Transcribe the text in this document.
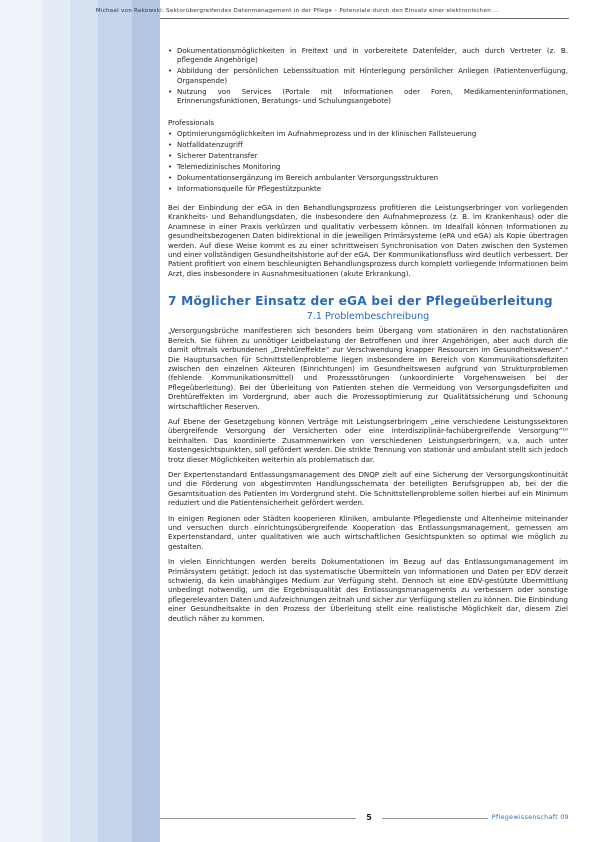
Michael von Rekowski: Sektorübergreifendes Datenmanagement in der Pflege – Potenziale durch den Einsatz einer elektronischen ...
• Dokumentationsmöglichkeiten in Freitext und in vorbereitete Datenfelder, auch durch Vertreter (z. B. pflegende Angehörige)
• Abbildung der persönlichen Lebenssituation mit Hinterlegung persönlicher Anliegen (Patientenverfügung, Organspende)
• Nutzung von Services (Portale mit Informationen oder Foren, Medikamenteninformationen, Erinnerungsfunktionen, Beratungs- und Schulungsangebote)
Professionals
• Optimierungsmöglichkeiten im Aufnahmeprozess und in der klinischen Fallsteuerung
• Notfalldatenzugriff
• Sicherer Datentransfer
• Telemedizinisches Monitoring
• Dokumentationsergänzung im Bereich ambulanter Versorgungsstrukturen
• Informationsquelle für Pflegestützpunkte

Bei der Einbindung der eGA in den Behandlungsprozess profitieren die Leistungserbringer von vorliegenden Krankheits- und Behandlungsdaten, die insbesondere den Aufnahmeprozess (z. B. im Krankenhaus) oder die Anamnese in einer Praxis verkürzen und qualitativ verbessern können. Im Idealfall können Informationen zu gesundheitsbezogenen Daten bidirektional in die jeweiligen Primärsysteme (ePA und eGA) als Kopie übertragen werden. Auf diese Weise kommt es zu einer schrittweisen Synchronisation von Daten zwischen den Systemen und einer vollständigen Gesundheitshistorie auf der eGA. Der Kommunikationsfluss wird deutlich verbessert. Der Patient profitiert von einem beschleunigten Behandlungsprozess durch komplett vorliegende Informationen beim Arzt, dies insbesondere in Ausnahmesituationen (akute Erkrankung).

7 Möglicher Einsatz der eGA bei der Pflegeüberleitung
7.1 Problembeschreibung

„Versorgungsbrüche manifestieren sich besonders beim Übergang vom stationären in den nachstationären Bereich. Sie führen zu unnötiger Leidbelastung der Betroffenen und ihrer Angehörigen, aber auch durch die damit oftmals verbundenen „Drehtüreffekte“ zur Verschwendung knapper Ressourcen im Gesundheitswesen“.⁹ Die Hauptursachen für Schnittstellenprobleme liegen insbesondere im Bereich von Kommunikationsdefiziten zwischen den einzelnen Akteuren (Einrichtungen) im Gesundheitswesen aufgrund von Strukturproblemen (fehlende Kommunikationsmittel) und Prozessstörungen (unkoordinierte Vorgehensweisen bei der Pflegeüberleitung). Bei der Überleitung von Patienten stehen die Vermeidung von Versorgungsdefiziten und Drehtüreffekten im Vordergrund, aber auch die Prozessoptimierung zur Qualitätssicherung und Schonung wirtschaftlicher Reserven.

Auf Ebene der Gesetzgebung können Verträge mit Leistungserbringern „eine verschiedene Leistungssektoren übergreifende Versorgung der Versicherten oder eine interdisziplinär-fachübergreifende Versorgung“¹⁰ beinhalten. Das koordinierte Zusammenwirken von verschiedenen Leistungserbringern, v.a. auch unter Kostengesichtspunkten, soll gefördert werden. Die strikte Trennung von stationär und ambulant stellt sich jedoch trotz dieser Möglichkeiten weiterhin als problematisch dar.

Der Expertenstandard Entlassungsmanagement des DNQP zielt auf eine Sicherung der Versorgungskontinuität und die Förderung von abgestimmten Handlungsschemata der beteiligten Berufsgruppen ab, bei der die Gesamtsituation des Patienten im Vordergrund steht. Die Schnittstellenprobleme sollen hierbei auf ein Minimum reduziert und die Patientensicherheit gefördert werden.

In einigen Regionen oder Städten kooperieren Kliniken, ambulante Pflegedienste und Altenheime miteinander und versuchen durch einrichtungsübergreifende Kooperation das Entlassungsmanagement, gemessen am Expertenstandard, unter qualitativen wie auch wirtschaftlichen Gesichtspunkten so optimal wie möglich zu gestalten.

In vielen Einrichtungen werden bereits Dokumentationen im Bezug auf das Entlassungsmanagement im Primärsystem getätigt. Jedoch ist das systematische Übermitteln von Informationen und Daten per EDV derzeit schwierig, da kein unabhängiges Medium zur Verfügung steht. Dennoch ist eine EDV-gestützte Übermittlung unbedingt notwendig, um die Ergebnisqualität des Entlassungsmanagements zu verbessern oder sonstige pflegerelevanten Daten und Aufzeichnungen zeitnah und sicher zur Verfügung stellen zu können. Die Einbindung einer Gesundheitsakte in den Prozess der Überleitung stellt eine realistische Möglichkeit dar, diesem Ziel deutlich näher zu kommen.

5	Pflegewissenschaft 09
